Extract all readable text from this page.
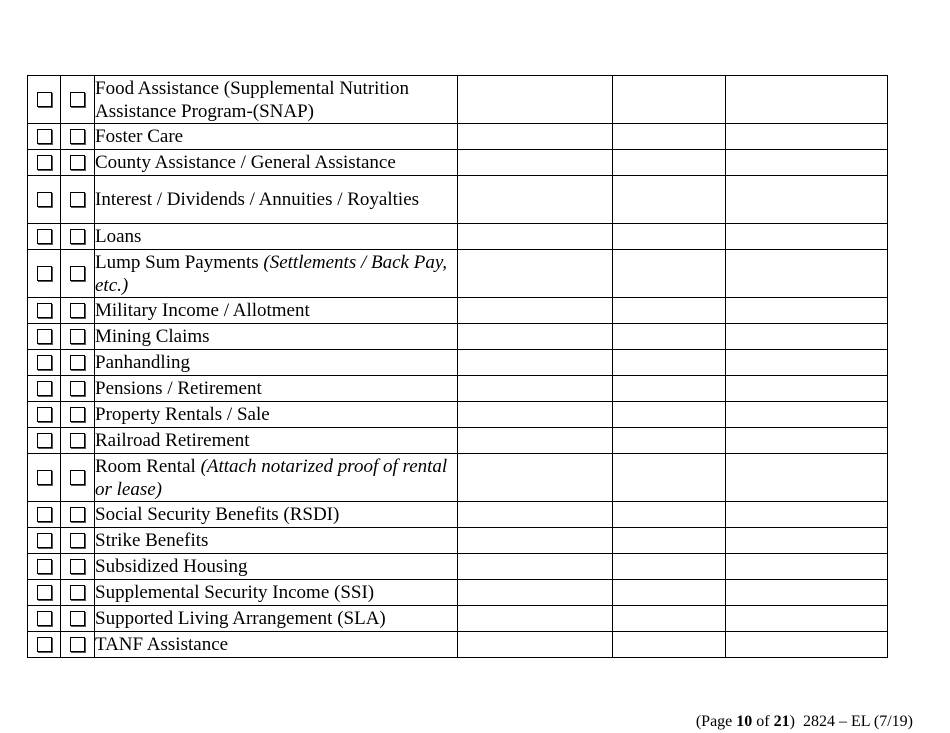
		Food Assistance (Supplemental Nutrition Assistance Program-(SNAP)			
		Foster Care			
		County Assistance / General Assistance			
		Interest / Dividends / Annuities / Royalties			
		Loans			
		Lump Sum Payments (Settlements / Back Pay, etc.)			
		Military Income / Allotment			
		Mining Claims			
		Panhandling			
		Pensions / Retirement			
		Property Rentals / Sale			
		Railroad Retirement			
		Room Rental (Attach notarized proof of rental or lease)			
		Social Security Benefits (RSDI)			
		Strike Benefits			
		Subsidized Housing			
		Supplemental Security Income (SSI)			
		Supported Living Arrangement (SLA)			
		TANF Assistance			
(Page 10 of 21) 2824 – EL (7/19)
